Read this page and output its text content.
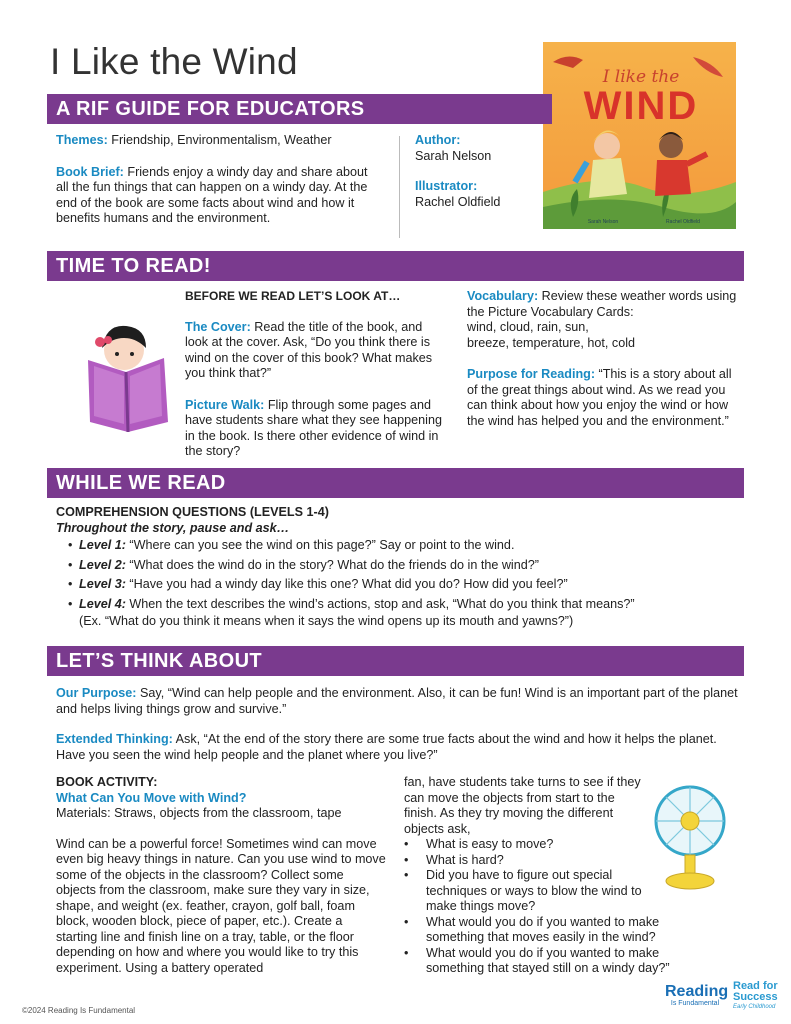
I Like the Wind	I like the
WIND
Sarah Nelson	Rachel Oldfield
A RIF GUIDE FOR EDUCATORS

Themes: Friendship, Environmentalism, Weather

Book Brief: Friends enjoy a windy day and share about all the fun things that can happen on a windy day. At the end of the book are some facts about wind and how it benefits humans and the environment.

Author:
Sarah Nelson
Illustrator:
Rachel Oldfield
TIME TO READ!
BEFORE WE READ LET’S LOOK AT…

The Cover: Read the title of the book, and look at the cover. Ask, “Do you think there is wind on the cover of this book? What makes you think that?”

Picture Walk: Flip through some pages and have students share what they see happening in the book. Is there other evidence of wind in the story?

Vocabulary: Review these weather words using the Picture Vocabulary Cards:

wind, cloud, rain, sun,
breeze, temperature, hot, cold

Purpose for Reading: “This is a story about all of the great things about wind. As we read you can think about how you enjoy the wind or how the wind has helped you and the environment.”

WHILE WE READ
COMPREHENSION QUESTIONS (LEVELS 1-4)
Throughout the story, pause and ask…
• Level 1: “Where can you see the wind on this page?” Say or point to the wind.
• Level 2: “What does the wind do in the story? What do the friends do in the wind?”
• Level 3: “Have you had a windy day like this one? What did you do? How did you feel?”
• Level 4: When the text describes the wind’s actions, stop and ask, “What do you think that means?”
(Ex. “What do you think it means when it says the wind opens up its mouth and yawns?”)
LET’S THINK ABOUT

Our Purpose: Say, “Wind can help people and the environment. Also, it can be fun! Wind is an important part of the planet and helps living things grow and survive.”

Extended Thinking: Ask, “At the end of the story there are some true facts about the wind and how it helps the planet. Have you seen the wind help people and the planet where you live?”

BOOK ACTIVITY:
What Can You Move with Wind?
Materials: Straws, objects from the classroom, tape

Wind can be a powerful force! Sometimes wind can move even big heavy things in nature. Can you use wind to move some of the objects in the classroom? Collect some objects from the classroom, make sure they vary in size, shape, and weight (ex. feather, crayon, golf ball, foam block, wooden block, piece of paper, etc.). Create a starting line and finish line on a tray, table, or the floor depending on how and where you would like to try this experiment. Using a battery operated

fan, have students take turns to see if they can move the objects from start to the finish. As they try moving the different objects ask,

• What is easy to move?
• What is hard?
• Did you have to figure out special techniques or ways to blow the wind to make things move?
• What would you do if you wanted to make something that moves easily in the wind?
• What would you do if you wanted to make something that stayed still on a windy day?”
©2024 Reading Is Fundamental
Reading
Is Fundamental
Read for
Success
Early Childhood
